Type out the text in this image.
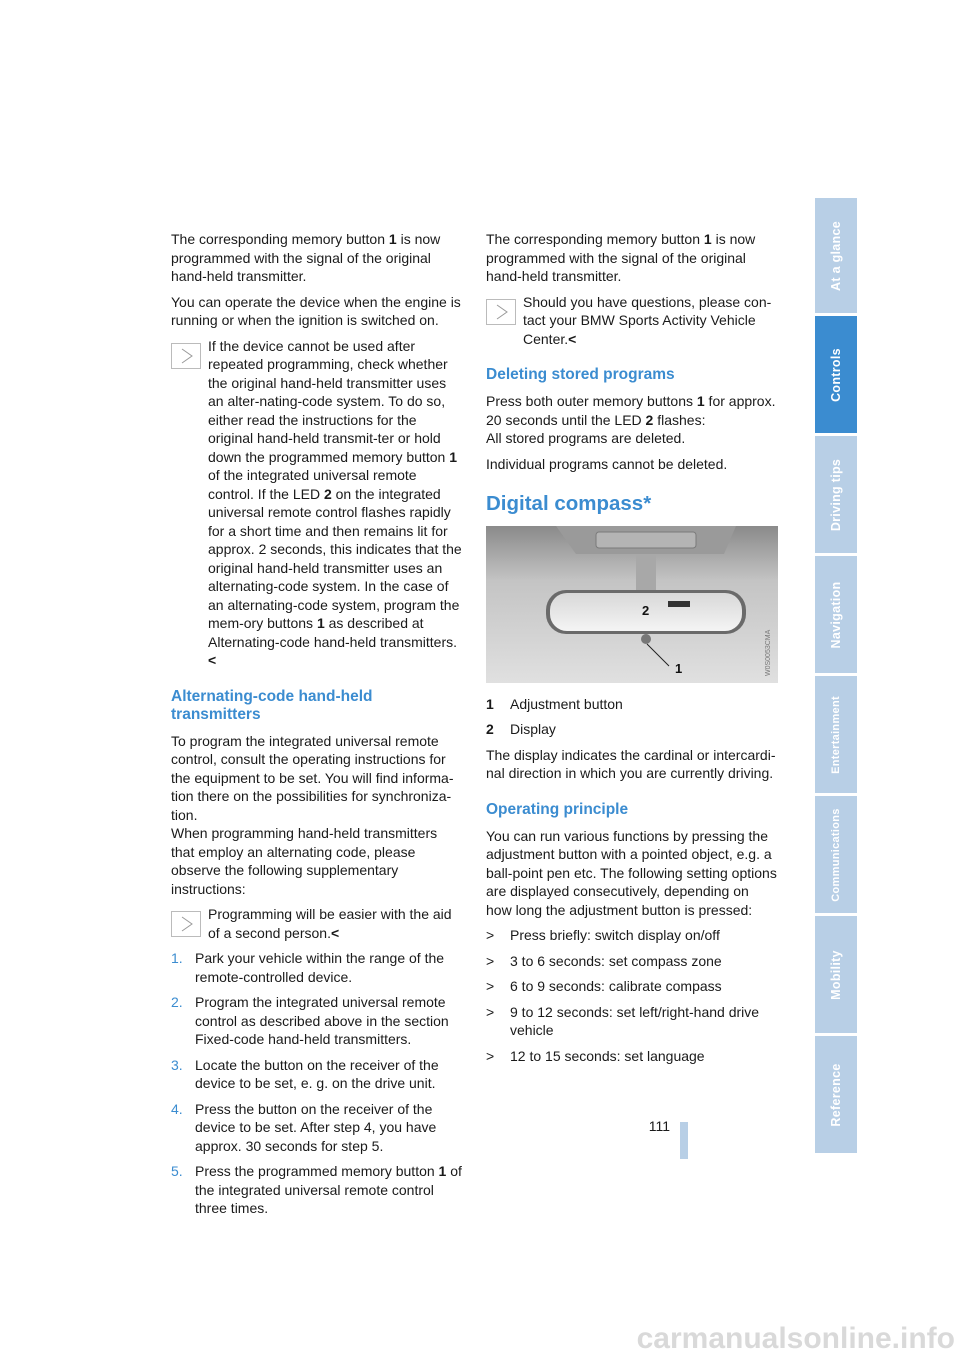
The corresponding memory button 1 is now programmed with the signal of the original hand-held transmitter.

You can operate the device when the engine is running or when the ignition is switched on.

If the device cannot be used after repeated programming, check whether the original hand-held transmitter uses an alter-nating-code system. To do so, either read the instructions for the original hand-held transmit-ter or hold down the programmed memory button 1 of the integrated universal remote control. If the LED 2 on the integrated universal remote control flashes rapidly for a short time and then remains lit for approx. 2 seconds, this indicates that the original hand-held transmitter uses an alternating-code system. In the case of an alternating-code system, program the mem-ory buttons 1 as described at Alternating-code hand-held transmitters.<
Alternating-code hand-held transmitters

To program the integrated universal remote control, consult the operating instructions for the equipment to be set. You will find informa-tion there on the possibilities for synchroniza-tion.

When programming hand-held transmitters that employ an alternating code, please observe the following supplementary instructions:

Programming will be easier with the aid of a second person.<
1. Park your vehicle within the range of the remote-controlled device.
2. Program the integrated universal remote control as described above in the section Fixed-code hand-held transmitters.
3. Locate the button on the receiver of the device to be set, e. g. on the drive unit.
4. Press the button on the receiver of the device to be set. After step 4, you have approx. 30 seconds for step 5.
5. Press the programmed memory button 1 of the integrated universal remote control three times.

The corresponding memory button 1 is now programmed with the signal of the original hand-held transmitter.

Should you have questions, please con-tact your BMW Sports Activity Vehicle Center.<
Deleting stored programs

Press both outer memory buttons 1 for approx. 20 seconds until the LED 2 flashes:

All stored programs are deleted.

Individual programs cannot be deleted.

Digital compass*
2
1	W0S0053CMA
1	Adjustment button
2	Display

The display indicates the cardinal or intercardi-nal direction in which you are currently driving.

Operating principle

You can run various functions by pressing the adjustment button with a pointed object, e.g. a ball-point pen etc. The following setting options are displayed consecutively, depending on how long the adjustment button is pressed:

>	Press briefly: switch display on/off
>	3 to 6 seconds: set compass zone
>	6 to 9 seconds: calibrate compass
>	9 to 12 seconds: set left/right-hand drive vehicle
>	12 to 15 seconds: set language
111
At a glance
Controls
Driving tips
Navigation
Entertainment
Communications
Mobility
Reference
carmanualsonline.info
